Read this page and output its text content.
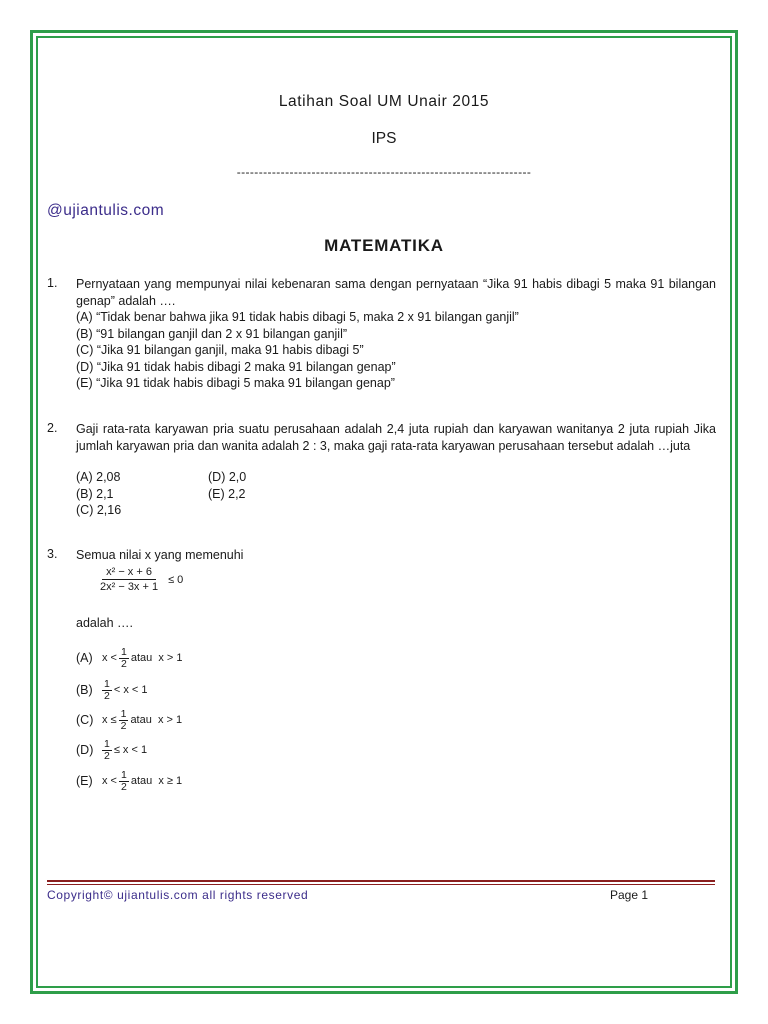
Latihan Soal UM Unair 2015
IPS
-------------------------------------------------------------------
@ujiantulis.com
MATEMATIKA
1. Pernyataan yang mempunyai nilai kebenaran sama dengan pernyataan “Jika 91 habis dibagi 5 maka 91 bilangan genap” adalah ….
(A) “Tidak benar bahwa jika 91 tidak habis dibagi 5, maka 2 x 91 bilangan ganjil”
(B) “91 bilangan ganjil dan 2 x 91 bilangan ganjil”
(C) “Jika 91 bilangan ganjil, maka 91 habis dibagi 5”
(D) “Jika 91 tidak habis dibagi 2 maka 91 bilangan genap”
(E) “Jika 91 tidak habis dibagi 5 maka 91 bilangan genap”
2. Gaji rata-rata karyawan pria suatu perusahaan adalah 2,4 juta rupiah dan karyawan wanitanya 2 juta rupiah Jika jumlah karyawan pria dan wanita adalah 2 : 3, maka gaji rata-rata karyawan perusahaan tersebut adalah …juta
(A) 2,08	(D) 2,0
(B) 2,1	(E) 2,2
(C) 2,16
3. Semua nilai x yang memenuhi
$\frac{\text{x² − x + 6}}{\text{2x² − 3x + 1}} \le 0$
adalah ….
(A) $x < \frac{1}{2}$ atau  x > 1
$(B) \frac{1}{2} < x < 1$
(C) $x \le \frac{1}{2}$ atau  x > 1
$(D) \frac{1}{2} \le x < 1$
(E) $x < \frac{1}{2}$ atau  x ≥ 1
Copyright© ujiantulis.com all rights reserved	Page 1
